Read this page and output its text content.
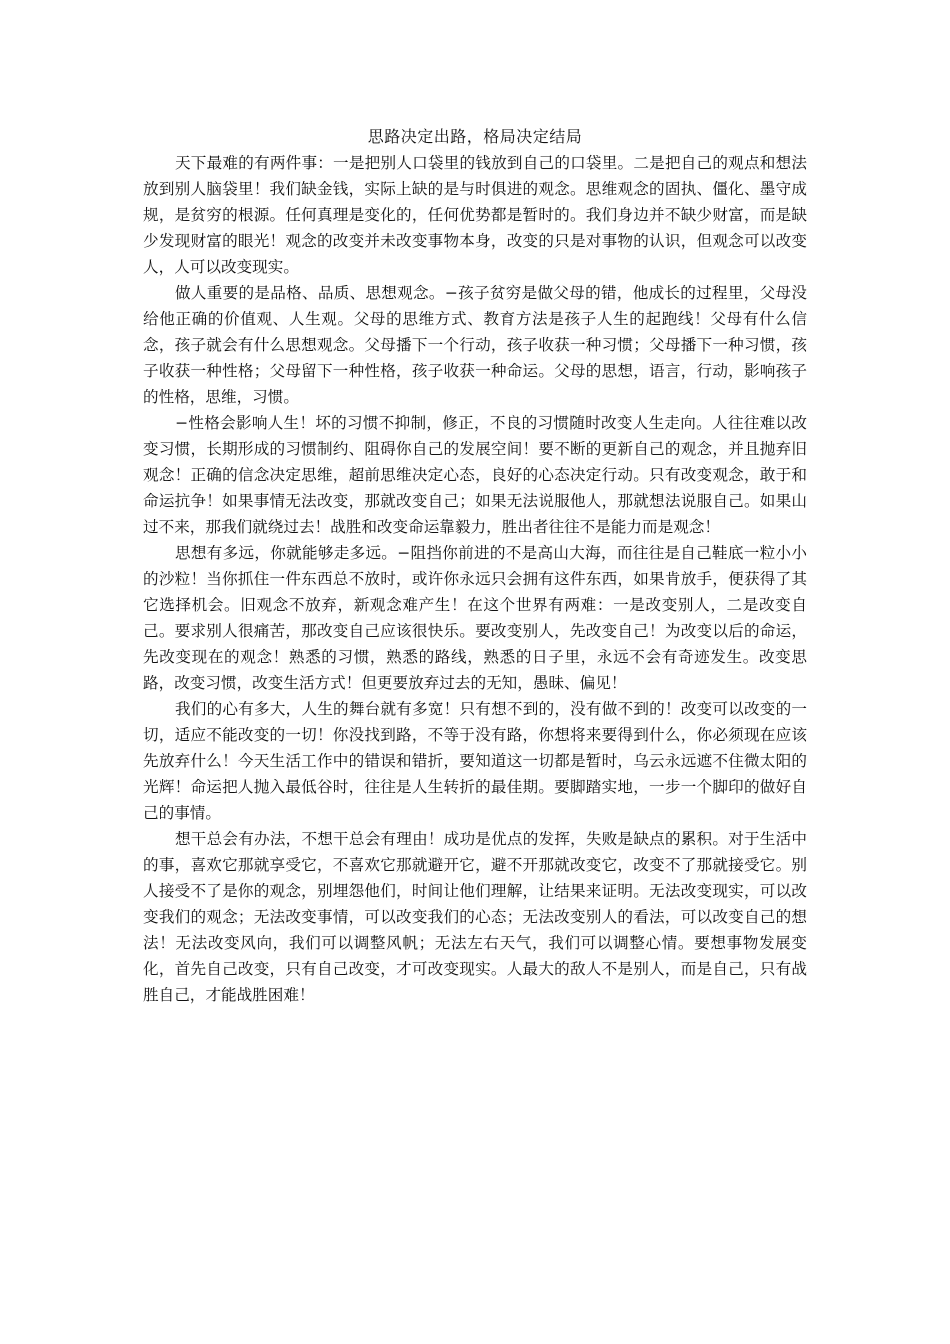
思路决定出路，格局决定结局

天下最难的有两件事：一是把别人口袋里的钱放到自己的口袋里。二是把自己的观点和想法放到别人脑袋里！我们缺金钱，实际上缺的是与时俱进的观念。思维观念的固执、僵化、墨守成规，是贫穷的根源。任何真理是变化的，任何优势都是暂时的。我们身边并不缺少财富，而是缺少发现财富的眼光！观念的改变并未改变事物本身，改变的只是对事物的认识，但观念可以改变人，人可以改变现实。

做人重要的是品格、品质、思想观念。−孩子贫穷是做父母的错，他成长的过程里，父母没给他正确的价值观、人生观。父母的思维方式、教育方法是孩子人生的起跑线！父母有什么信念，孩子就会有什么思想观念。父母播下一个行动，孩子收获一种习惯；父母播下一种习惯，孩子收获一种性格；父母留下一种性格，孩子收获一种命运。父母的思想，语言，行动，影响孩子的性格，思维，习惯。

−性格会影响人生！坏的习惯不抑制，修正，不良的习惯随时改变人生走向。人往往难以改变习惯，长期形成的习惯制约、阻碍你自己的发展空间！要不断的更新自己的观念，并且抛弃旧观念！正确的信念决定思维，超前思维决定心态，良好的心态决定行动。只有改变观念，敢于和命运抗争！如果事情无法改变，那就改变自己；如果无法说服他人，那就想法说服自己。如果山过不来，那我们就绕过去！战胜和改变命运靠毅力，胜出者往往不是能力而是观念！

思想有多远，你就能够走多远。−阻挡你前进的不是高山大海，而往往是自己鞋底一粒小小的沙粒！当你抓住一件东西总不放时，或许你永远只会拥有这件东西，如果肯放手，便获得了其它选择机会。旧观念不放弃，新观念难产生！在这个世界有两难：一是改变别人，二是改变自己。要求别人很痛苦，那改变自己应该很快乐。要改变别人，先改变自己！为改变以后的命运，先改变现在的观念！熟悉的习惯，熟悉的路线，熟悉的日子里，永远不会有奇迹发生。改变思路，改变习惯，改变生活方式！但更要放弃过去的无知，愚昧、偏见！

我们的心有多大，人生的舞台就有多宽！只有想不到的，没有做不到的！改变可以改变的一切，适应不能改变的一切！你没找到路，不等于没有路，你想将来要得到什么，你必须现在应该先放弃什么！今天生活工作中的错误和错折，要知道这一切都是暂时，乌云永远遮不住微太阳的光辉！命运把人抛入最低谷时，往往是人生转折的最佳期。要脚踏实地，一步一个脚印的做好自己的事情。

想干总会有办法，不想干总会有理由！成功是优点的发挥，失败是缺点的累积。对于生活中的事，喜欢它那就享受它，不喜欢它那就避开它，避不开那就改变它，改变不了那就接受它。别人接受不了是你的观念，别埋怨他们，时间让他们理解，让结果来证明。无法改变现实，可以改变我们的观念；无法改变事情，可以改变我们的心态；无法改变别人的看法，可以改变自己的想法！无法改变风向，我们可以调整风帆；无法左右天气，我们可以调整心情。要想事物发展变化，首先自己改变，只有自己改变，才可改变现实。人最大的敌人不是别人，而是自己，只有战胜自己，才能战胜困难！
